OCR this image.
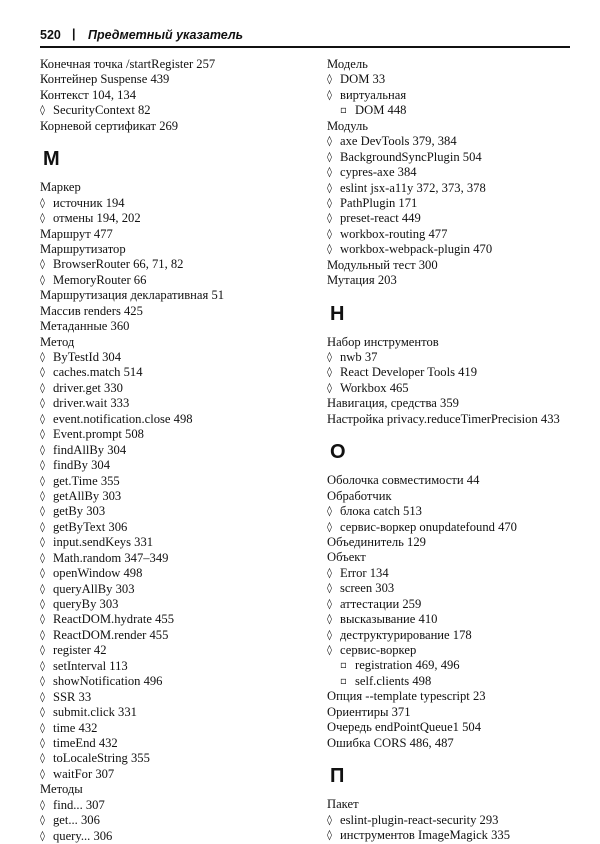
520 | Предметный указатель
Конечная точка /startRegister 257
Контейнер Suspense 439
Контекст 104, 134
◊ SecurityContext 82
Корневой сертификат 269
М
Маркер
◊ источник 194
◊ отмены 194, 202
Маршрут 477
Маршрутизатор
◊ BrowserRouter 66, 71, 82
◊ MemoryRouter 66
Маршрутизация декларативная 51
Массив renders 425
Метаданные 360
Метод
◊ ByTestId 304
◊ caches.match 514
◊ driver.get 330
◊ driver.wait 333
◊ event.notification.close 498
◊ Event.prompt 508
◊ findAllBy 304
◊ findBy 304
◊ get.Time 355
◊ getAllBy 303
◊ getBy 303
◊ getByText 306
◊ input.sendKeys 331
◊ Math.random 347–349
◊ openWindow 498
◊ queryAllBy 303
◊ queryBy 303
◊ ReactDOM.hydrate 455
◊ ReactDOM.render 455
◊ register 42
◊ setInterval 113
◊ showNotification 496
◊ SSR 33
◊ submit.click 331
◊ time 432
◊ timeEnd 432
◊ toLocaleString 355
◊ waitFor 307
Методы
◊ find... 307
◊ get... 306
◊ query... 306
Модель
◊ DOM 33
◊ виртуальная
▫ DOM 448
Модуль
◊ axe DevTools 379, 384
◊ BackgroundSyncPlugin 504
◊ cypres-axe 384
◊ eslint jsx-a11y 372, 373, 378
◊ PathPlugin 171
◊ preset-react 449
◊ workbox-routing 477
◊ workbox-webpack-plugin 470
Модульный тест 300
Мутация 203
Н
Набор инструментов
◊ nwb 37
◊ React Developer Tools 419
◊ Workbox 465
Навигация, средства 359
Настройка privacy.reduceTimerPrecision 433
О
Оболочка совместимости 44
Обработчик
◊ блока catch 513
◊ сервис-воркер onupdatefound 470
Объединитель 129
Объект
◊ Error 134
◊ screen 303
◊ аттестации 259
◊ высказывание 410
◊ деструктурирование 178
◊ сервис-воркер
▫ registration 469, 496
▫ self.clients 498
Опция --template typescript 23
Ориентиры 371
Очередь endPointQueue1 504
Ошибка CORS 486, 487
П
Пакет
◊ eslint-plugin-react-security 293
◊ инструментов ImageMagick 335
